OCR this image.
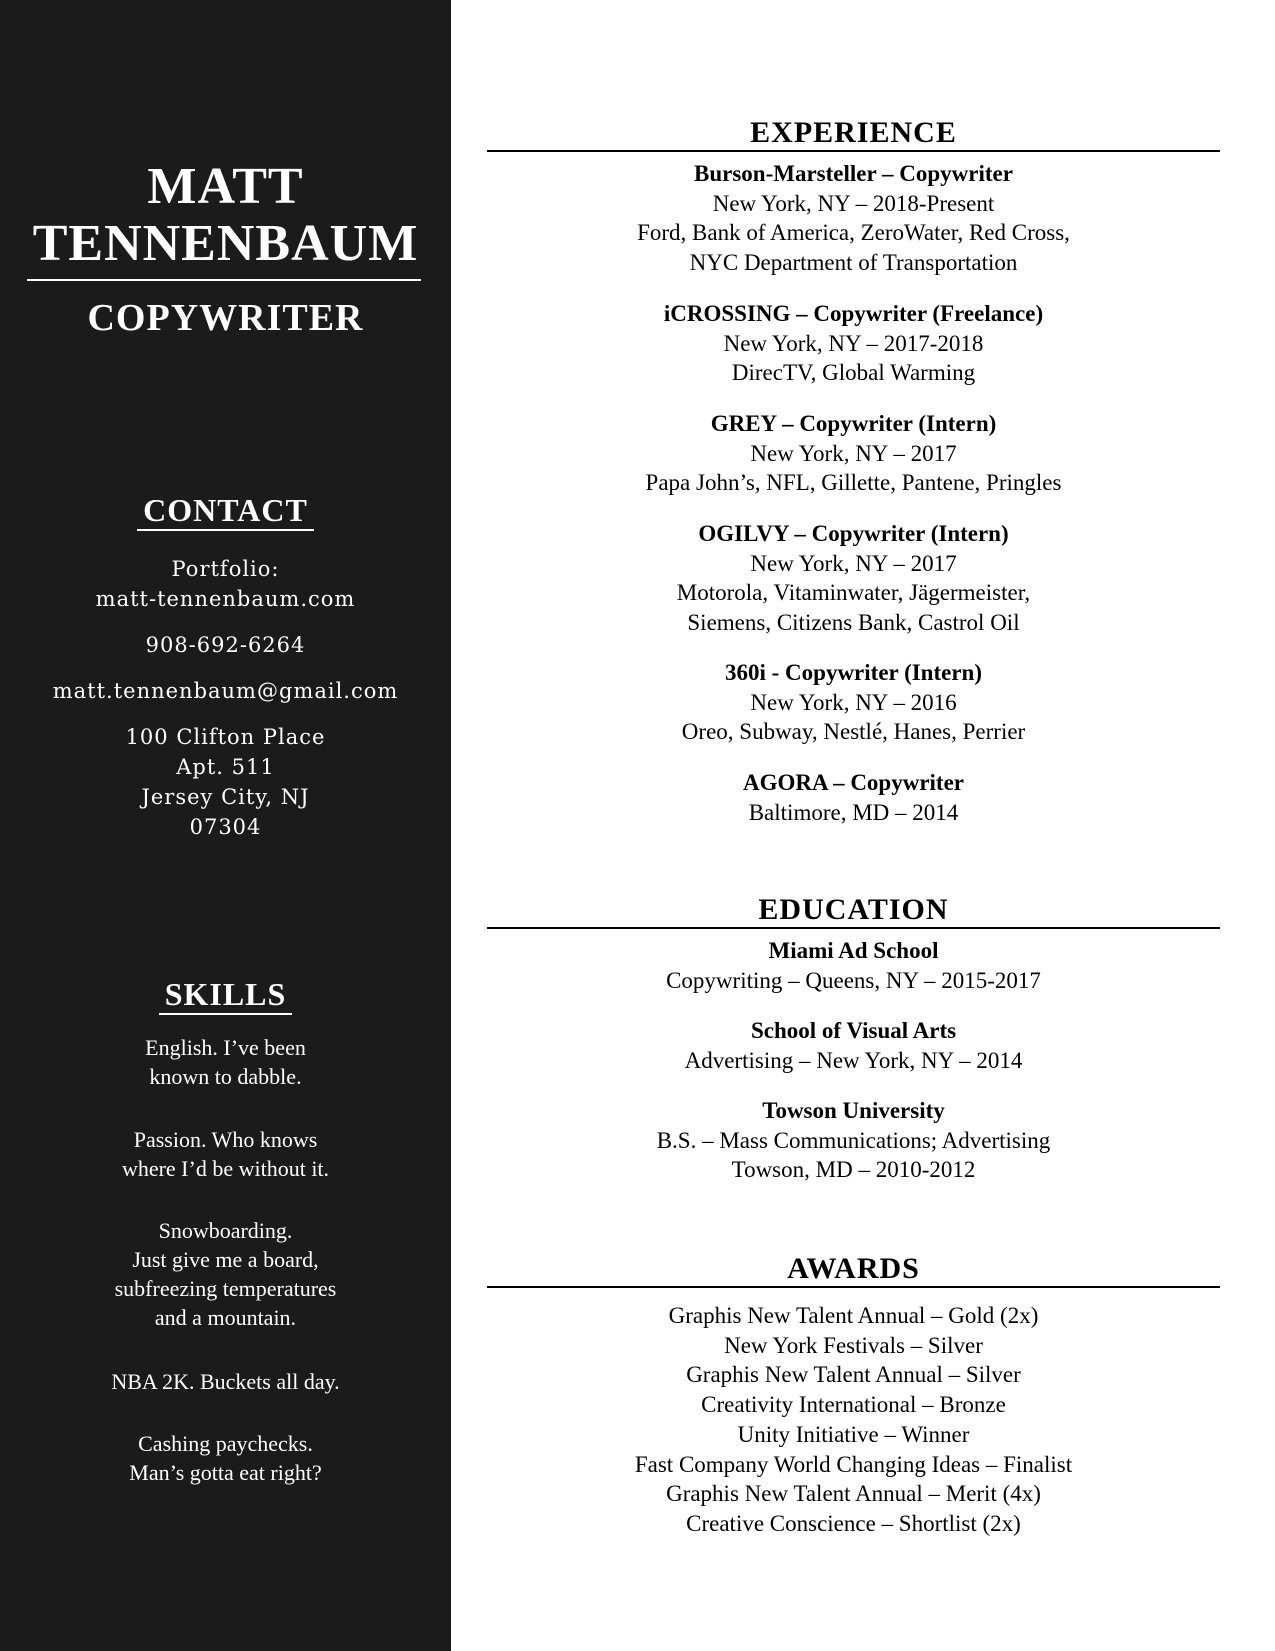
MATT
TENNENBAUM
COPYWRITER
CONTACT
Portfolio:
matt-tennenbaum.com
908-692-6264
matt.tennenbaum@gmail.com
100 Clifton Place
Apt. 511
Jersey City, NJ
07304
SKILLS
English. I’ve been
known to dabble.
Passion. Who knows
where I’d be without it.
Snowboarding.
Just give me a board,
subfreezing temperatures
and a mountain.
NBA 2K. Buckets all day.
Cashing paychecks.
Man’s gotta eat right?
EXPERIENCE
Burson-Marsteller – Copywriter
New York, NY – 2018-Present
Ford, Bank of America, ZeroWater, Red Cross,
NYC Department of Transportation
iCROSSING – Copywriter (Freelance)
New York, NY – 2017-2018
DirecTV, Global Warming
GREY – Copywriter (Intern)
New York, NY – 2017
Papa John’s, NFL, Gillette, Pantene, Pringles
OGILVY – Copywriter (Intern)
New York, NY – 2017
Motorola, Vitaminwater, Jägermeister,
Siemens, Citizens Bank, Castrol Oil
360i - Copywriter (Intern)
New York, NY – 2016
Oreo, Subway, Nestlé, Hanes, Perrier
AGORA – Copywriter
Baltimore, MD – 2014
EDUCATION
Miami Ad School
Copywriting – Queens, NY – 2015-2017
School of Visual Arts
Advertising – New York, NY – 2014
Towson University
B.S. – Mass Communications; Advertising
Towson, MD – 2010-2012
AWARDS
Graphis New Talent Annual – Gold (2x)
New York Festivals – Silver
Graphis New Talent Annual – Silver
Creativity International – Bronze
Unity Initiative – Winner
Fast Company World Changing Ideas – Finalist
Graphis New Talent Annual – Merit (4x)
Creative Conscience – Shortlist (2x)
